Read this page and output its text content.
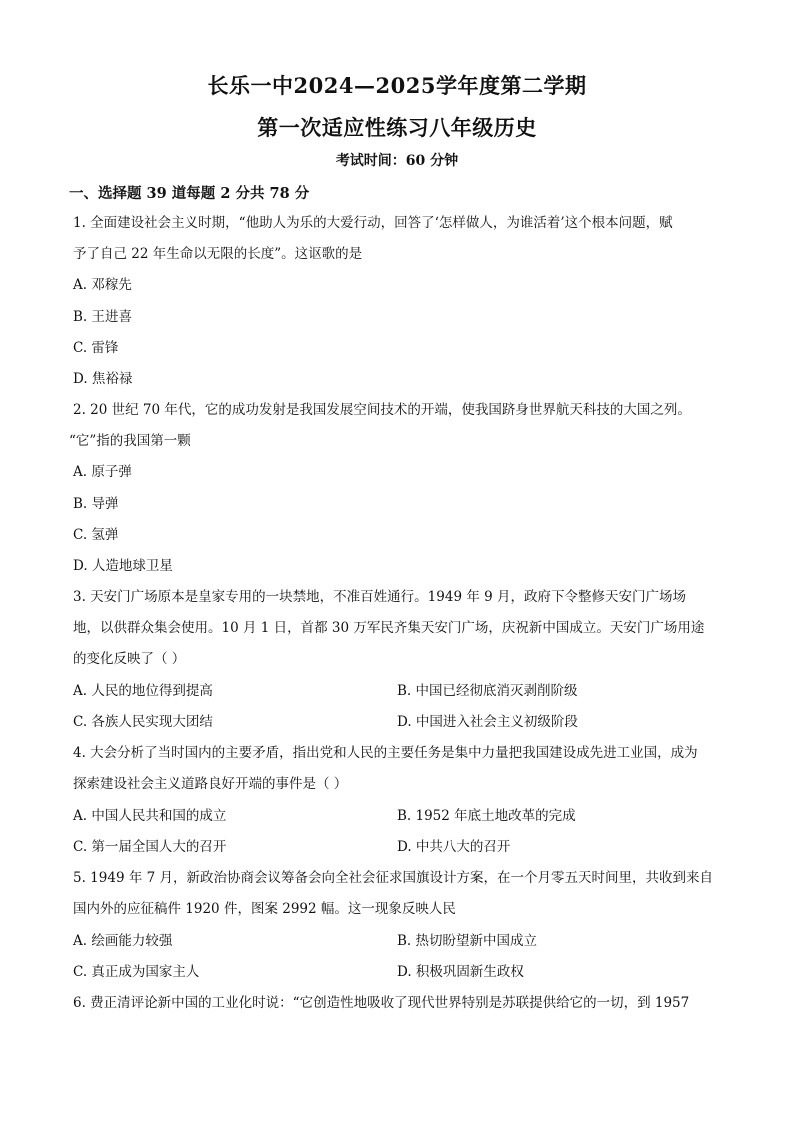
长乐一中2024—2025学年度第二学期
第一次适应性练习八年级历史
考试时间：60 分钟
一、选择题 39 道每题 2 分共 78 分
1. 全面建设社会主义时期，“他助人为乐的大爱行动，回答了‘怎样做人，为谁活着’这个根本问题，赋
予了自己 22 年生命以无限的长度”。这讴歌的是
A. 邓稼先
B. 王进喜
C. 雷锋
D. 焦裕禄
2. 20 世纪 70 年代，它的成功发射是我国发展空间技术的开端，使我国跻身世界航天科技的大国之列。
“它”指的我国第一颗
A. 原子弹
B. 导弹
C. 氢弹
D. 人造地球卫星
3. 天安门广场原本是皇家专用的一块禁地，不准百姓通行。1949 年 9 月，政府下令整修天安门广场场
地，以供群众集会使用。10 月 1 日，首都 30 万军民齐集天安门广场，庆祝新中国成立。天安门广场用途
的变化反映了（ ）
A. 人民的地位得到提高	B. 中国已经彻底消灭剥削阶级
C. 各族人民实现大团结	D. 中国进入社会主义初级阶段
4. 大会分析了当时国内的主要矛盾，指出党和人民的主要任务是集中力量把我国建设成先进工业国，成为
探索建设社会主义道路良好开端的事件是（ ）
A. 中国人民共和国的成立	B. 1952 年底土地改革的完成
C. 第一届全国人大的召开	D. 中共八大的召开
5. 1949 年 7 月，新政治协商会议筹备会向全社会征求国旗设计方案，在一个月零五天时间里，共收到来自
国内外的应征稿件 1920 件，图案 2992 幅。这一现象反映人民
A. 绘画能力较强	B. 热切盼望新中国成立
C. 真正成为国家主人	D. 积极巩固新生政权
6. 费正清评论新中国的工业化时说：“它创造性地吸收了现代世界特别是苏联提供给它的一切，到 1957
